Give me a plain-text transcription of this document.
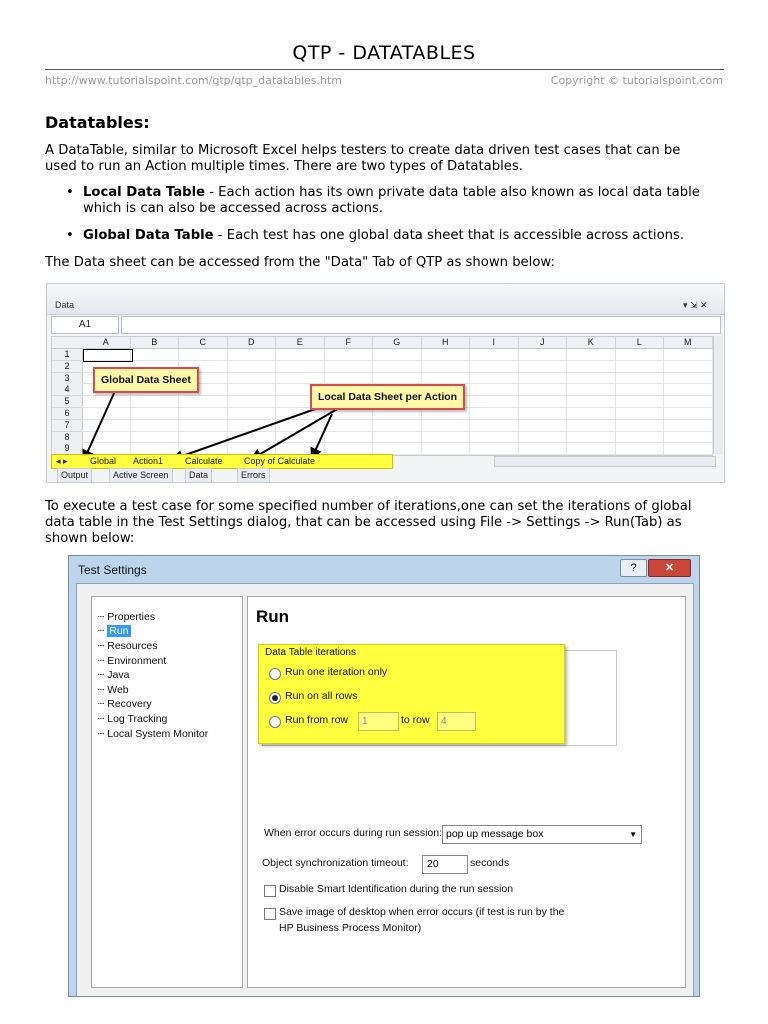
QTP - DATATABLES
http://www.tutorialspoint.com/qtp/qtp_datatables.htm	Copyright © tutorialspoint.com
Datatables:
A DataTable, similar to Microsoft Excel helps testers to create data driven test cases that can be
used to run an Action multiple times. There are two types of Datatables.
• Local Data Table - Each action has its own private data table also known as local data table
which is can also be accessed across actions.
• Global Data Table - Each test has one global data sheet that is accessible across actions.
The Data sheet can be accessed from the "Data" Tab of QTP as shown below:
Data	▾ ⇲ ✕
A1
A	B	C	D	E	F	G	H	I	J	K	L	M
1
2
3
4
5
6
7
8
9
Global Data Sheet
Local Data Sheet per Action
◂ ▸ Global Action1 Calculate Copy of Calculate
Output	Active Screen	Data	Errors
To execute a test case for some specified number of iterations,one can set the iterations of global
data table in the Test Settings dialog, that can be accessed using File -> Settings -> Run(Tab) as
shown below:
Test Settings	?	✕
┈ Properties
┈ Run
┈ Resources
┈ Environment
┈ Java
┈ Web
┈ Recovery
┈ Log Tracking
┈ Local System Monitor
Run
Data Table iterations
Run one iteration only
Run on all rows
Run from row	1	to row	4
When error occurs during run session: pop up message box	▼
Object synchronization timeout:	20	seconds
Disable Smart Identification during the run session
Save image of desktop when error occurs (if test is run by the
HP Business Process Monitor)
